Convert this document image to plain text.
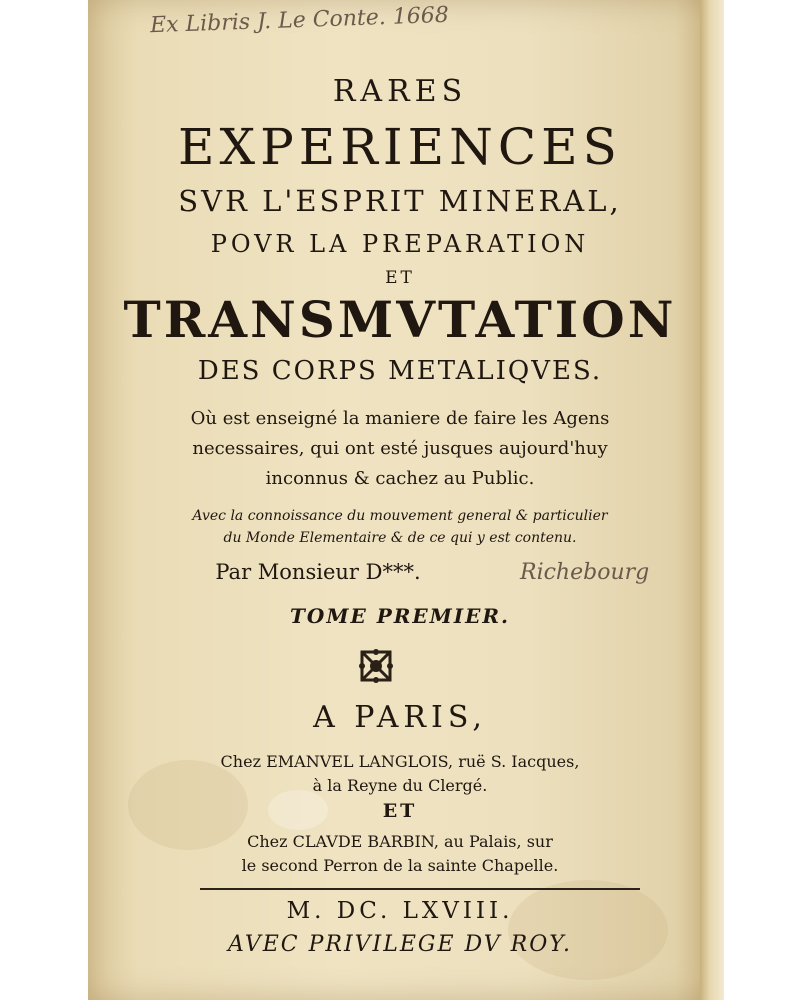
Ex Libris J. Le Conte. 1668

RARES

EXPERIENCES

SVR L'ESPRIT MINERAL,

POVR LA PREPARATION

ET

TRANSMVTATION

DES CORPS METALIQVES.

Où est enseigné la maniere de faire les Agens

necessaires, qui ont esté jusques aujourd'huy

inconnus & cachez au Public.

Avec la connoissance du mouvement general & particulier

du Monde Elementaire & de ce qui y est contenu.

Par Monsieur D***.	Richebourg

TOME PREMIER.

A PARIS,

Chez EMANVEL LANGLOIS, ruë S. Iacques,

à la Reyne du Clergé.

ET

Chez CLAVDE BARBIN, au Palais, sur

le second Perron de la sainte Chapelle.

M. DC. LXVIII.

AVEC PRIVILEGE DV ROY.
